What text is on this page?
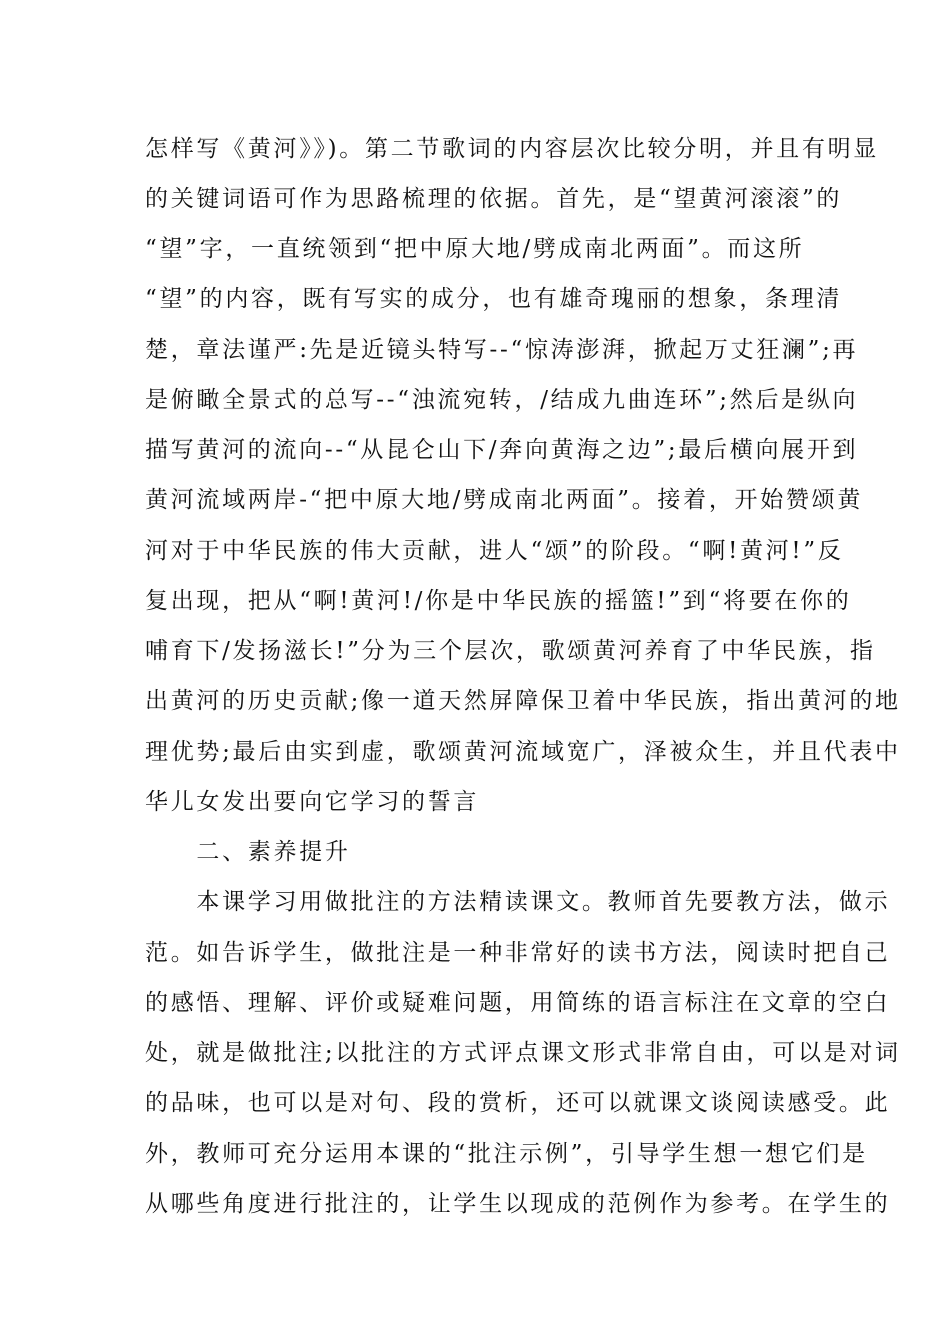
怎样写《黄河》》)。第二节歌词的内容层次比较分明，并且有明显
的关键词语可作为思路梳理的依据。首先，是“望黄河滚滚”的
“望”字，一直统领到“把中原大地/劈成南北两面”。而这所
“望”的内容，既有写实的成分，也有雄奇瑰丽的想象，条理清
楚，章法谨严:先是近镜头特写--“惊涛澎湃，掀起万丈狂澜”;再
是俯瞰全景式的总写--“浊流宛转，/结成九曲连环”;然后是纵向
描写黄河的流向--“从昆仑山下/奔向黄海之边”;最后横向展开到
黄河流域两岸-“把中原大地/劈成南北两面”。接着，开始赞颂黄
河对于中华民族的伟大贡献，进人“颂”的阶段。“啊!黄河!”反
复出现，把从“啊!黄河!/你是中华民族的摇篮!”到“将要在你的
哺育下/发扬滋长!”分为三个层次，歌颂黄河养育了中华民族，指
出黄河的历史贡献;像一道天然屏障保卫着中华民族，指出黄河的地
理优势;最后由实到虚，歌颂黄河流域宽广，泽被众生，并且代表中
华儿女发出要向它学习的誓言
　　二、素养提升
　　本课学习用做批注的方法精读课文。教师首先要教方法，做示
范。如告诉学生，做批注是一种非常好的读书方法，阅读时把自己
的感悟、理解、评价或疑难问题，用简练的语言标注在文章的空白
处，就是做批注;以批注的方式评点课文形式非常自由，可以是对词
的品味，也可以是对句、段的赏析，还可以就课文谈阅读感受。此
外，教师可充分运用本课的“批注示例”，引导学生想一想它们是
从哪些角度进行批注的，让学生以现成的范例作为参考。在学生的
